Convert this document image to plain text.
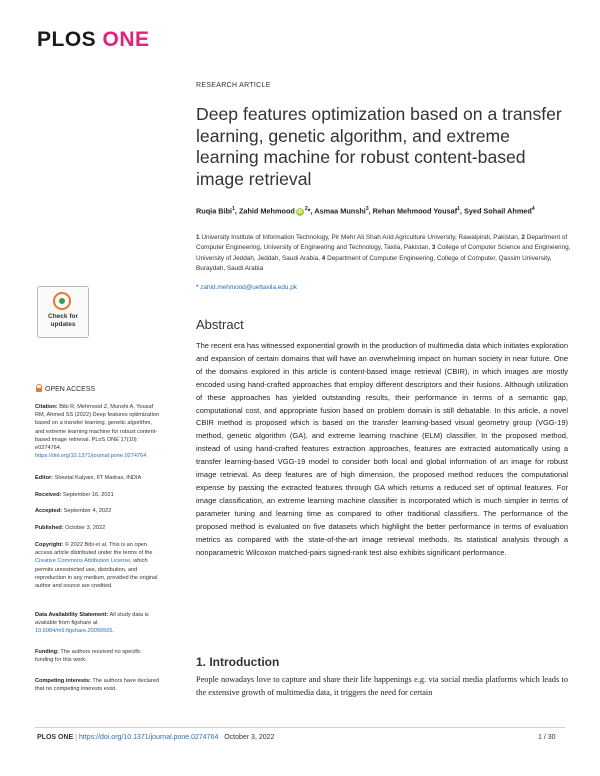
PLOS ONE
RESEARCH ARTICLE
Deep features optimization based on a transfer learning, genetic algorithm, and extreme learning machine for robust content-based image retrieval
Ruqia Bibi$^1$, Zahid Mehmood iD $^2$*, Asmaa Munshi$^3$, Rehan Mehmood Yousaf$^1$, Syed Sohail Ahmed$^4$
1 University Institute of Information Technology, Pir Mehr Ali Shah Arid Agriculture University, Rawalpindi, Pakistan, 2 Department of Computer Engineering, University of Engineering and Technology, Taxila, Pakistan, 3 College of Computer Science and Engineering, University of Jeddah, Jeddah, Saudi Arabia, 4 Department of Computer Engineering, College of Computer, Qassim University, Buraydah, Saudi Arabia
* zahid.mehmood@uettaxila.edu.pk
Abstract
The recent era has witnessed exponential growth in the production of multimedia data which initiates exploration and expansion of certain domains that will have an overwhelming impact on human society in near future. One of the domains explored in this article is content-based image retrieval (CBIR), in which images are mostly encoded using hand-crafted approaches that employ different descriptors and their fusions. Although utilization of these approaches has yielded outstanding results, their performance in terms of a semantic gap, computational cost, and appropriate fusion based on problem domain is still debatable. In this article, a novel CBIR method is proposed which is based on the transfer learning-based visual geometry group (VGG-19) method, genetic algorithm (GA), and extreme learning machine (ELM) classifier. In the proposed method, instead of using hand-crafted features extraction approaches, features are extracted automatically using a transfer learning-based VGG-19 model to consider both local and global information of an image for robust image retrieval. As deep features are of high dimension, the proposed method reduces the computational expense by passing the extracted features through GA which returns a reduced set of optimal features. For image classification, an extreme learning machine classifier is incorporated which is much simpler in terms of parameter tuning and learning time as compared to other traditional classifiers. The performance of the proposed method is evaluated on five datasets which highlight the better performance in terms of evaluation metrics as compared with the state-of-the-art image retrieval methods. Its statistical analysis through a nonparametric Wilcoxon matched-pairs signed-rank test also exhibits significant performance.
1. Introduction
People nowadays love to capture and share their life happenings e.g. via social media platforms which leads to the extensive growth of multimedia data, it triggers the need for certain
Check for
updates
OPEN ACCESS
Citation: Bibi R, Mehmood Z, Munshi A, Yousaf RM, Ahmed SS (2022) Deep features optimization based on a transfer learning, genetic algorithm, and extreme learning machine for robust content-based image retrieval. PLoS ONE 17(10): e0274764. https://doi.org/10.1371/journal.pone.0274764
Editor: Sheetal Kalyani, IIT Madras, INDIA
Received: September 16, 2021
Accepted: September 4, 2022
Published: October 3, 2022
Copyright: © 2022 Bibi et al. This is an open access article distributed under the terms of the Creative Commons Attribution License, which permits unrestricted use, distribution, and reproduction in any medium, provided the original author and source are credited.
Data Availability Statement: All study data is available from figshare at 10.6084/m9.figshare.20056505.
Funding: The authors received no specific funding for this work.
Competing interests: The authors have declared that no competing interests exist.
PLOS ONE | https://doi.org/10.1371/journal.pone.0274764 October 3, 2022	1 / 30
